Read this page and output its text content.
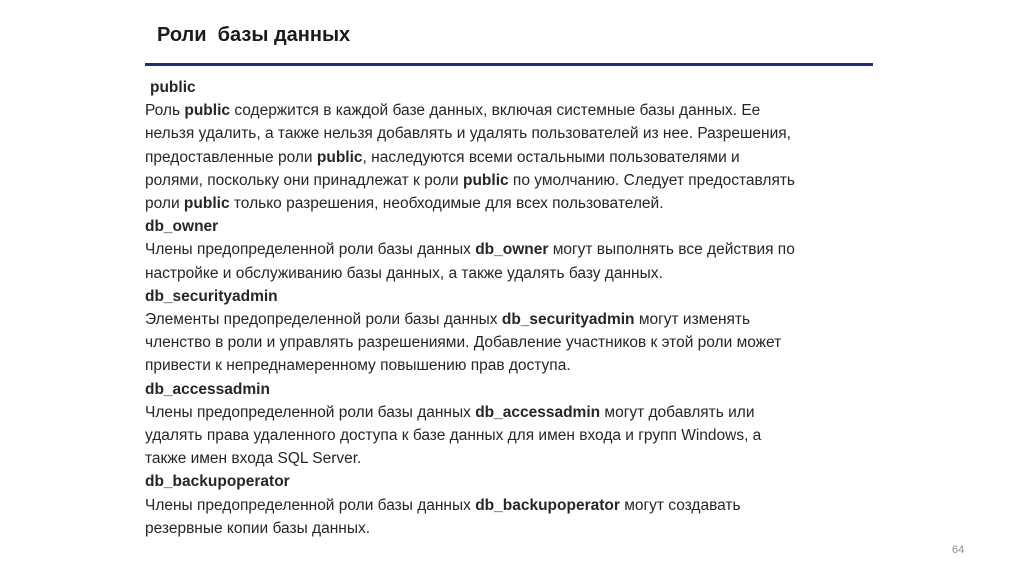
Роли  базы данных
public
Роль public содержится в каждой базе данных, включая системные базы данных. Ее
нельзя удалить, а также нельзя добавлять и удалять пользователей из нее. Разрешения,
предоставленные роли public, наследуются всеми остальными пользователями и
ролями, поскольку они принадлежат к роли public по умолчанию. Следует предоставлять
роли public только разрешения, необходимые для всех пользователей.
db_owner
Члены предопределенной роли базы данных db_owner могут выполнять все действия по
настройке и обслуживанию базы данных, а также удалять базу данных.
db_securityadmin
Элементы предопределенной роли базы данных db_securityadmin могут изменять
членство в роли и управлять разрешениями. Добавление участников к этой роли может
привести к непреднамеренному повышению прав доступа.
db_accessadmin
Члены предопределенной роли базы данных db_accessadmin могут добавлять или
удалять права удаленного доступа к базе данных для имен входа и групп Windows, а
также имен входа SQL Server.
db_backupoperator
Члены предопределенной роли базы данных db_backupoperator могут создавать
резервные копии базы данных.
64
